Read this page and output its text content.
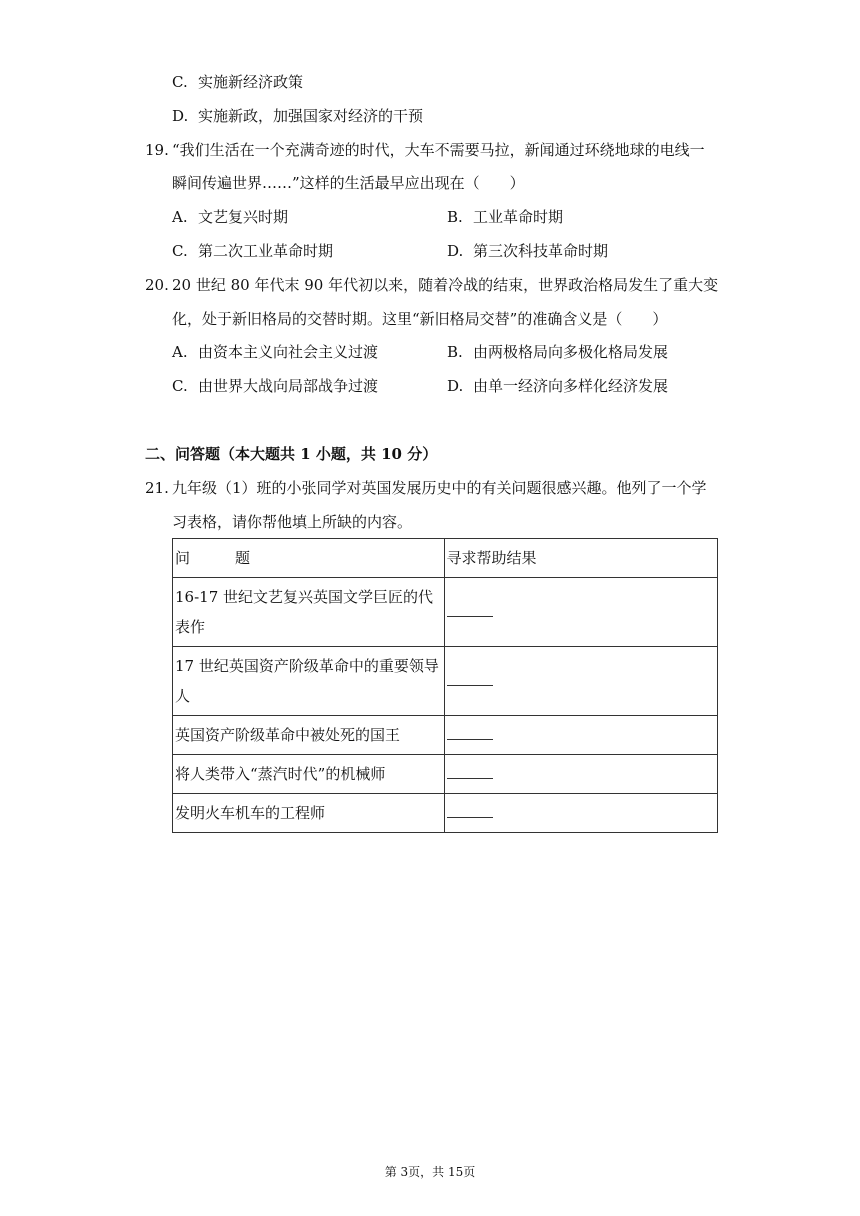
C. 实施新经济政策
D. 实施新政，加强国家对经济的干预
19. “我们生活在一个充满奇迹的时代，大车不需要马拉，新闻通过环绕地球的电线一
瞬间传遍世界……”这样的生活最早应出现在（　　）
A. 文艺复兴时期	B. 工业革命时期
C. 第二次工业革命时期	D. 第三次科技革命时期
20. 20 世纪 80 年代末 90 年代初以来，随着冷战的结束，世界政治格局发生了重大变
化，处于新旧格局的交替时期。这里“新旧格局交替”的准确含义是（　　）
A. 由资本主义向社会主义过渡	B. 由两极格局向多极化格局发展
C. 由世界大战向局部战争过渡	D. 由单一经济向多样化经济发展
二、问答题（本大题共 1 小题，共 10 分）
21. 九年级（1）班的小张同学对英国发展历史中的有关问题很感兴趣。他列了一个学
习表格，请你帮他填上所缺的内容。
问　　　题	寻求帮助结果
16-17 世纪文艺复兴英国文学巨匠的代表作	
17 世纪英国资产阶级革命中的重要领导人	
英国资产阶级革命中被处死的国王	
将人类带入“蒸汽时代”的机械师	
发明火车机车的工程师	
第 3页，共 15页
